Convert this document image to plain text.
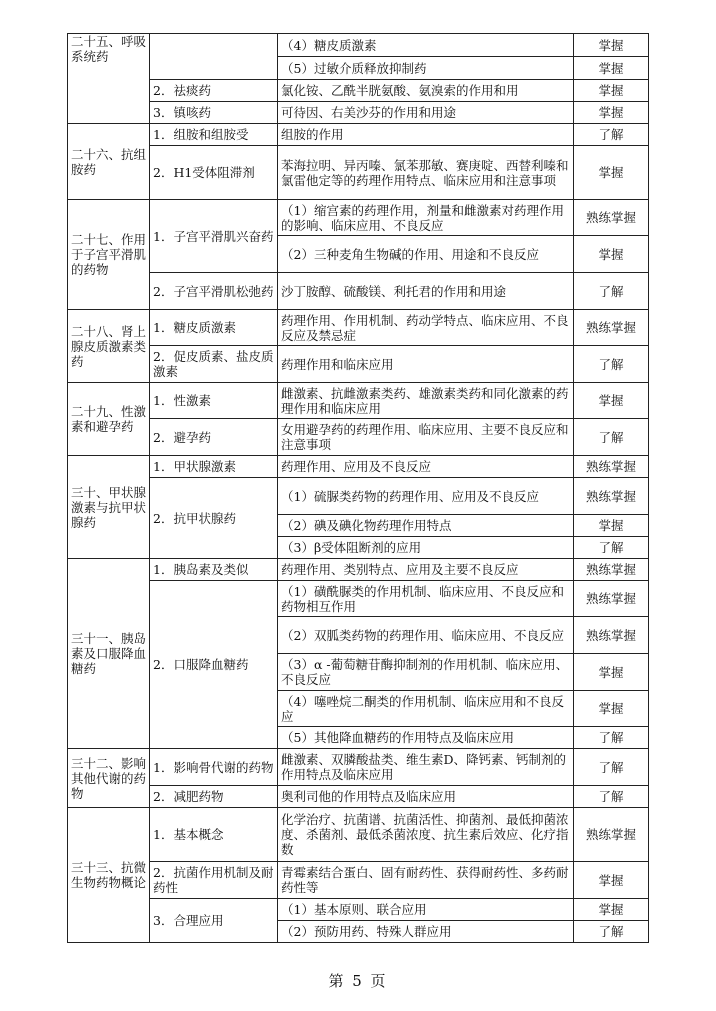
二十五、呼吸系统药		（4）糖皮质激素	掌握
		（5）过敏介质释放抑制药	掌握
	2．祛痰药	氯化铵、乙酰半胱氨酸、氨溴索的作用和用	掌握
	3．镇咳药	可待因、右美沙芬的作用和用途	掌握
二十六、抗组胺药	1．组胺和组胺受	组胺的作用	了解
	2．H1受体阻滞剂	苯海拉明、异丙嗪、氯苯那敏、赛庚啶、西替利嗪和氯雷他定等的药理作用特点、临床应用和注意事项	掌握
二十七、作用于子宫平滑肌的药物	1．子宫平滑肌兴奋药	（1）缩宫素的药理作用，剂量和雌激素对药理作用的影响、临床应用、不良反应	熟练掌握
		（2）三种麦角生物碱的作用、用途和不良反应	掌握
	2．子宫平滑肌松弛药	沙丁胺醇、硫酸镁、利托君的作用和用途	了解
二十八、肾上腺皮质激素类药	1．糖皮质激素	药理作用、作用机制、药动学特点、临床应用、不良反应及禁忌症	熟练掌握
	2．促皮质素、盐皮质激素	药理作用和临床应用	了解
二十九、性激素和避孕药	1．性激素	雌激素、抗雌激素类药、雄激素类药和同化激素的药理作用和临床应用	掌握
	2．避孕药	女用避孕药的药理作用、临床应用、主要不良反应和注意事项	了解
三十、甲状腺激素与抗甲状腺药	1．甲状腺激素	药理作用、应用及不良反应	熟练掌握
	2．抗甲状腺药	（1）硫脲类药物的药理作用、应用及不良反应	熟练掌握
		（2）碘及碘化物药理作用特点	掌握
		（3）β受体阻断剂的应用	了解
三十一、胰岛素及口服降血糖药	1．胰岛素及类似	药理作用、类别特点、应用及主要不良反应	熟练掌握
	2．口服降血糖药	（1）磺酰脲类的作用机制、临床应用、不良反应和药物相互作用	熟练掌握
		（2）双胍类药物的药理作用、临床应用、不良反应	熟练掌握
		（3）α -葡萄糖苷酶抑制剂的作用机制、临床应用、不良反应	掌握
		（4）噻唑烷二酮类的作用机制、临床应用和不良反应	掌握
		（5）其他降血糖药的作用特点及临床应用	了解
三十二、影响其他代谢的药物	1．影响骨代谢的药物	雌激素、双膦酸盐类、维生素D、降钙素、钙制剂的作用特点及临床应用	了解
	2．减肥药物	奥利司他的作用特点及临床应用	了解
三十三、抗微生物药物概论	1．基本概念	化学治疗、抗菌谱、抗菌活性、抑菌剂、最低抑菌浓度、杀菌剂、最低杀菌浓度、抗生素后效应、化疗指数	熟练掌握
	2．抗菌作用机制及耐药性	青霉素结合蛋白、固有耐药性、获得耐药性、多药耐药性等	掌握
	3．合理应用	（1）基本原则、联合应用	掌握
		（2）预防用药、特殊人群应用	了解
第 5 页
